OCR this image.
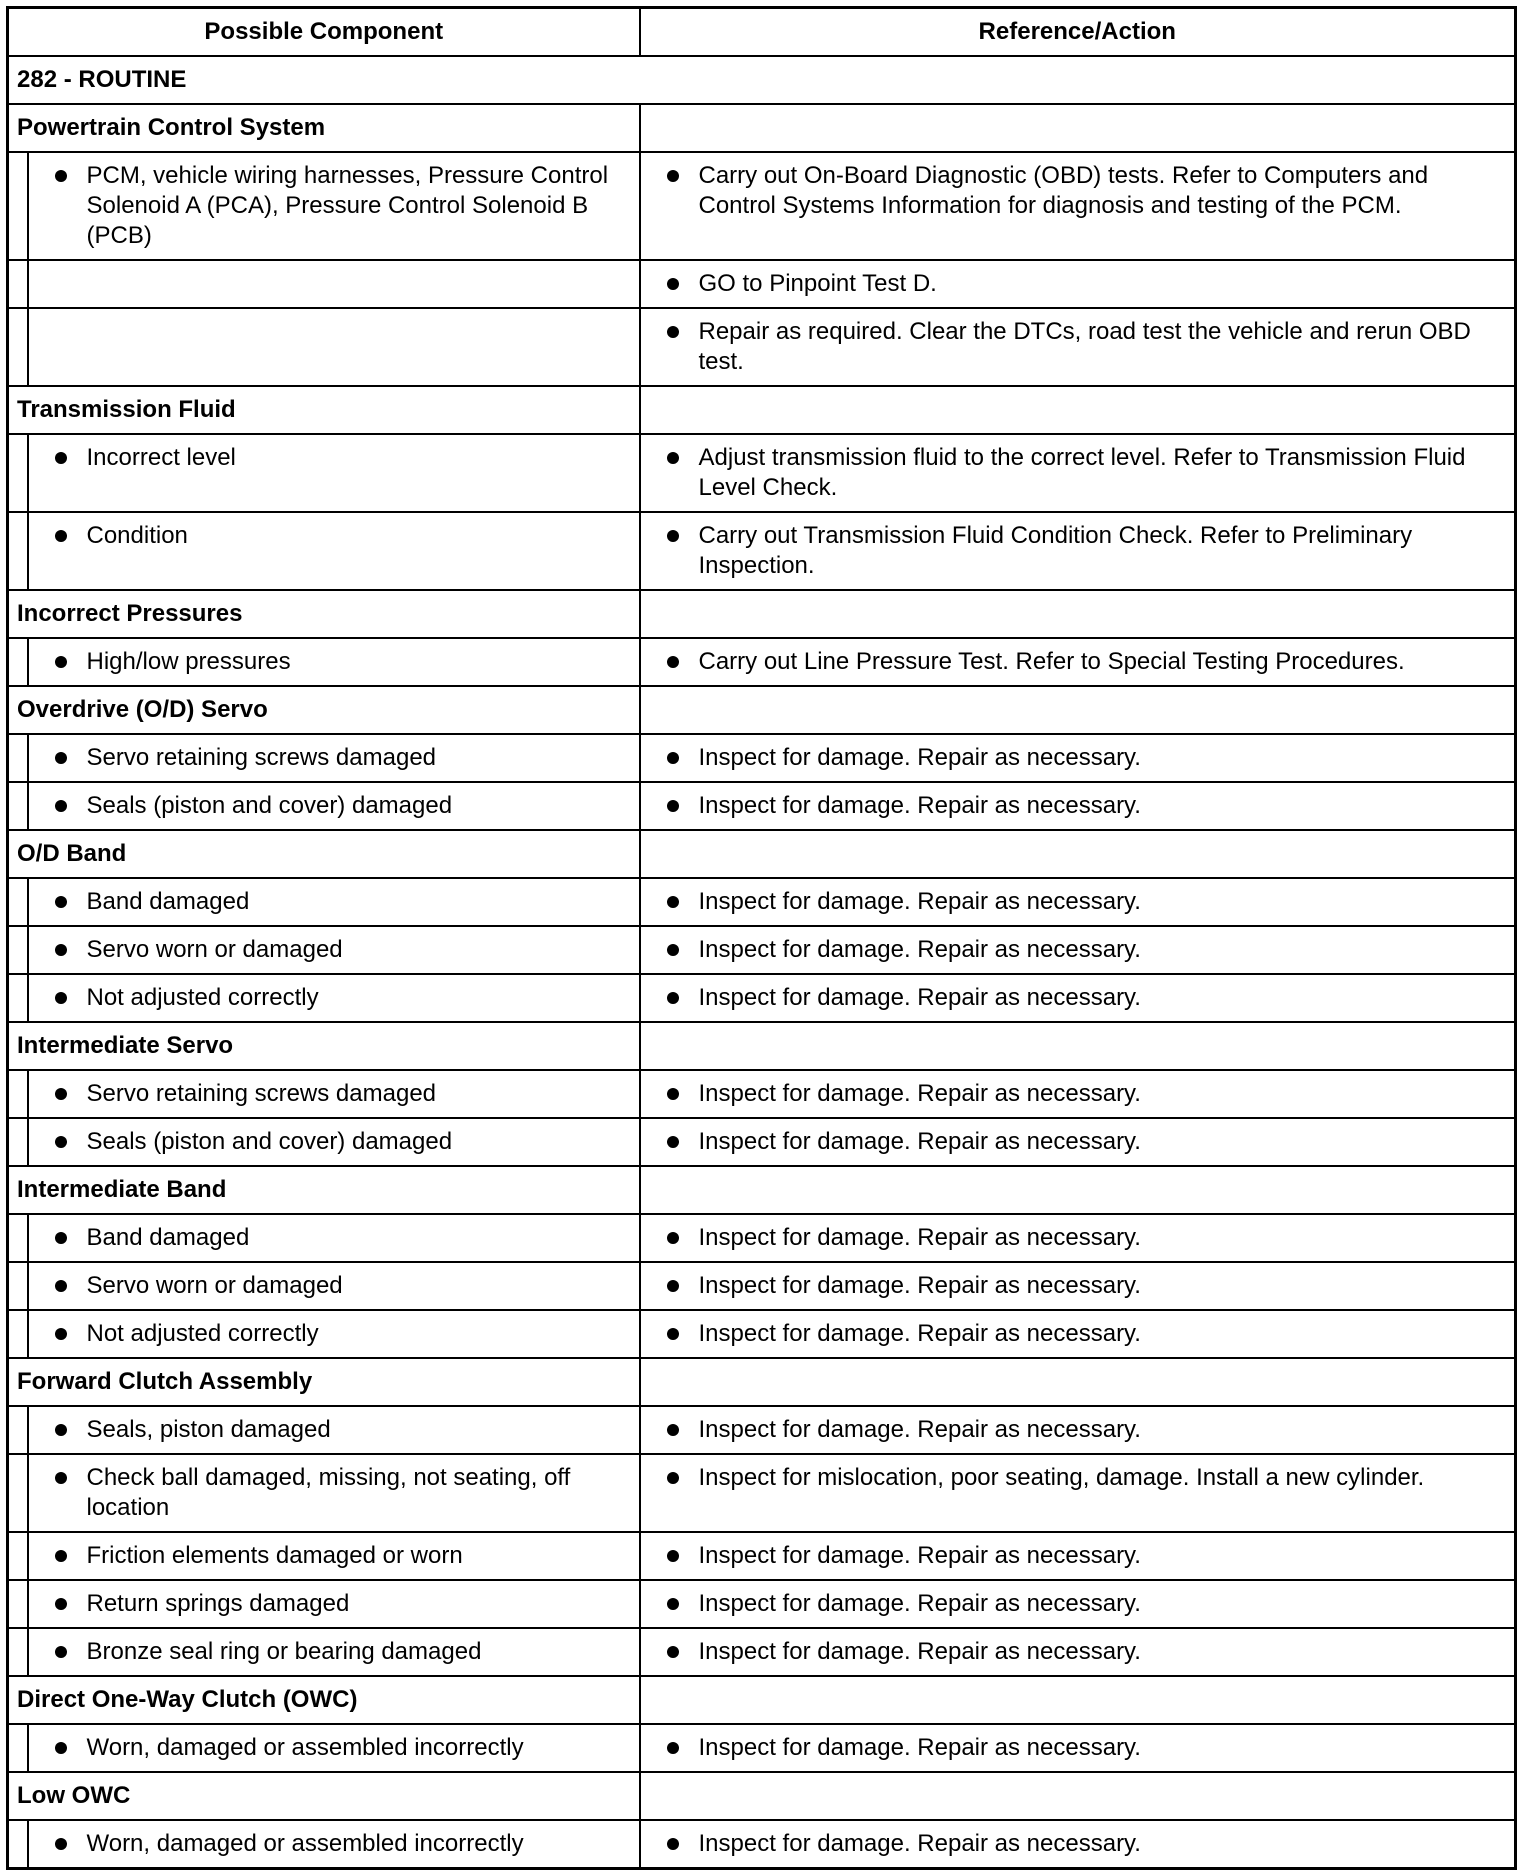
Possible Component		Reference/Action
282 - ROUTINE		
Powertrain Control System		

	PCM, vehicle wiring harnesses, Pressure Control Solenoid A (PCA), Pressure Control Solenoid B (PCB)	Carry out On-Board Diagnostic (OBD) tests. Refer to Computers and Control Systems Information for diagnosis and testing of the PCM.

		GO to Pinpoint Test D.

		Repair as required. Clear the DTCs, road test the vehicle and rerun OBD test.

Transmission Fluid		

	Incorrect level	Adjust transmission fluid to the correct level. Refer to Transmission Fluid Level Check.

	Condition	Carry out Transmission Fluid Condition Check. Refer to Preliminary Inspection.

Incorrect Pressures		

	High/low pressures	Carry out Line Pressure Test. Refer to Special Testing Procedures.

Overdrive (O/D) Servo		

	Servo retaining screws damaged	Inspect for damage. Repair as necessary.

	Seals (piston and cover) damaged	Inspect for damage. Repair as necessary.

O/D Band		

	Band damaged	Inspect for damage. Repair as necessary.

	Servo worn or damaged	Inspect for damage. Repair as necessary.

	Not adjusted correctly	Inspect for damage. Repair as necessary.

Intermediate Servo		

	Servo retaining screws damaged	Inspect for damage. Repair as necessary.

	Seals (piston and cover) damaged	Inspect for damage. Repair as necessary.

Intermediate Band		

	Band damaged	Inspect for damage. Repair as necessary.

	Servo worn or damaged	Inspect for damage. Repair as necessary.

	Not adjusted correctly	Inspect for damage. Repair as necessary.

Forward Clutch Assembly		

	Seals, piston damaged	Inspect for damage. Repair as necessary.

	Check ball damaged, missing, not seating, off location	Inspect for mislocation, poor seating, damage. Install a new cylinder.

	Friction elements damaged or worn	Inspect for damage. Repair as necessary.

	Return springs damaged	Inspect for damage. Repair as necessary.

	Bronze seal ring or bearing damaged	Inspect for damage. Repair as necessary.

Direct One-Way Clutch (OWC)		

	Worn, damaged or assembled incorrectly	Inspect for damage. Repair as necessary.

Low OWC		

	Worn, damaged or assembled incorrectly	Inspect for damage. Repair as necessary.
